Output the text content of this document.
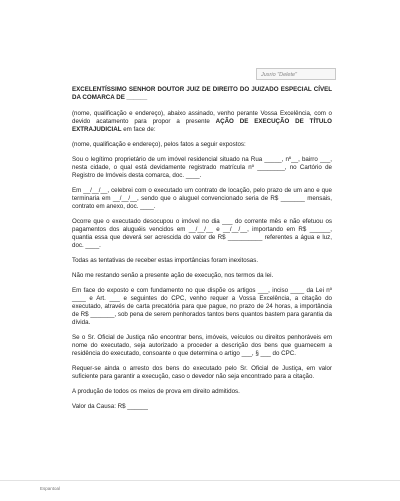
Jusrio "Delete"

EXCELENTÍSSIMO SENHOR DOUTOR JUIZ DE DIREITO DO JUIZADO ESPECIAL CÍVEL DA COMARCA DE ______

(nome, qualificação e endereço), abaixo assinado, venho perante Vossa Excelência, com o devido acatamento para propor a presente AÇÃO DE EXECUÇÃO DE TÍTULO EXTRAJUDICIAL em face de:

(nome, qualificação e endereço), pelos fatos a seguir expostos:

Sou o legítimo proprietário de um imóvel residencial situado na Rua _____, nº__, bairro ___, nesta cidade, o qual está devidamente registrado matrícula nº ________, no Cartório de Registro de Imóveis desta comarca, doc. ____.

Em __/__/__, celebrei com o executado um contrato de locação, pelo prazo de um ano e que terminaria em __/__/__, sendo que o aluguel convencionado seria de R$ _______ mensais, contrato em anexo, doc. ____.

Ocorre que o executado desocupou o imóvel no dia ___ do corrente mês e não efetuou os pagamentos dos aluguéis vencidos em __/__/__ e __/__/__, importando em R$ ______, quantia essa que deverá ser acrescida do valor de R$ __________ referentes a água e luz, doc. ____.

Todas as tentativas de receber estas importâncias foram inexitosas.

Não me restando senão a presente ação de execução, nos termos da lei.

Em face do exposto e com fundamento no que dispõe os artigos ___, inciso ____ da Lei nº ____ e Art. ___ e seguintes do CPC, venho requer a Vossa Excelência, a citação do executado, através de carta precatória para que pague, no prazo de 24 horas, a importância de R$ _______, sob pena de serem penhorados tantos bens quantos bastem para garantia da dívida.

Se o Sr. Oficial de Justiça não encontrar bens, imóveis, veículos ou direitos penhoráveis em nome do executado, seja autorizado a proceder a descrição dos bens que guarnecem a residência do executado, consoante o que determina o artigo ___, § ___ do CPC.

Requer-se ainda o arresto dos bens do executado pelo Sr. Oficial de Justiça, em valor suficiente para garantir a execução, caso o devedor não seja encontrado para a citação.

A produção de todos os meios de prova em direito admitidos.

Valor da Causa: R$ ______

Espantoal
